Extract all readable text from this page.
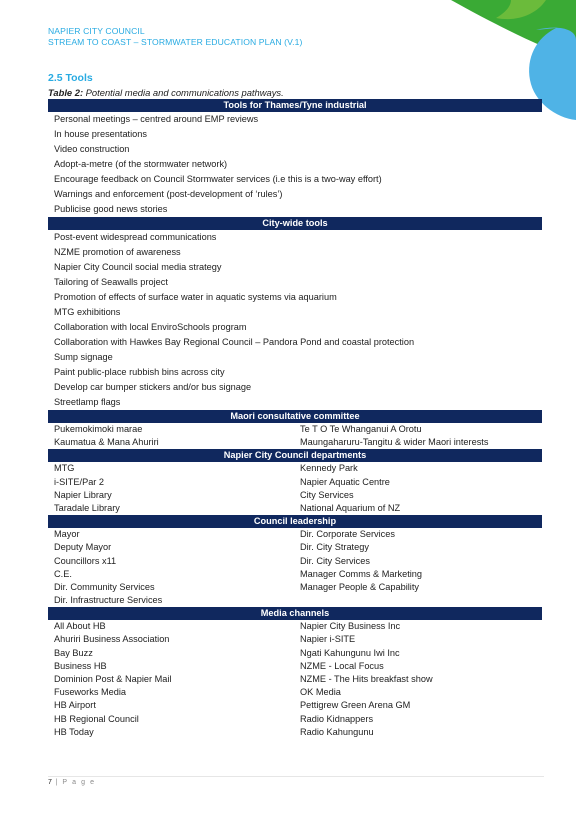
NAPIER CITY COUNCIL
STREAM TO COAST – STORMWATER EDUCATION PLAN (V.1)
2.5 Tools
Table 2: Potential media and communications pathways.
Tools for Thames/Tyne industrial
Personal meetings – centred around EMP reviews
In house presentations
Video construction
Adopt-a-metre (of the stormwater network)
Encourage feedback on Council Stormwater services (i.e this is a two-way effort)
Warnings and enforcement (post-development of ‘rules’)
Publicise good news stories
City-wide tools
Post-event widespread communications
NZME promotion of awareness
Napier City Council social media strategy
Tailoring of Seawalls project
Promotion of effects of surface water in aquatic systems via aquarium
MTG exhibitions
Collaboration with local EnviroSchools program
Collaboration with Hawkes Bay Regional Council – Pandora Pond and coastal protection
Sump signage
Paint public-place rubbish bins across city
Develop car bumper stickers and/or bus signage
Streetlamp flags
Maori consultative committee
Pukemokimoki marae	Te T O Te Whanganui A Orotu
Kaumatua & Mana Ahuriri	Maungaharuru-Tangitu & wider Maori interests
Napier City Council departments
MTG	Kennedy Park
i-SITE/Par 2	Napier Aquatic Centre
Napier Library	City Services
Taradale Library	National Aquarium of NZ
Council leadership
Mayor	Dir. Corporate Services
Deputy Mayor	Dir. City Strategy
Councillors x11	Dir. City Services
C.E.	Manager Comms & Marketing
Dir. Community Services	Manager People & Capability
Dir. Infrastructure Services
Media channels
All About HB	Napier City Business Inc
Ahuriri Business Association	Napier i-SITE
Bay Buzz	Ngati Kahungunu Iwi Inc
Business HB	NZME - Local Focus
Dominion Post & Napier Mail	NZME - The Hits breakfast show
Fuseworks Media	OK Media
HB Airport	Pettigrew Green Arena GM
HB Regional Council	Radio Kidnappers
HB Today	Radio Kahungunu
7 | P a g e
